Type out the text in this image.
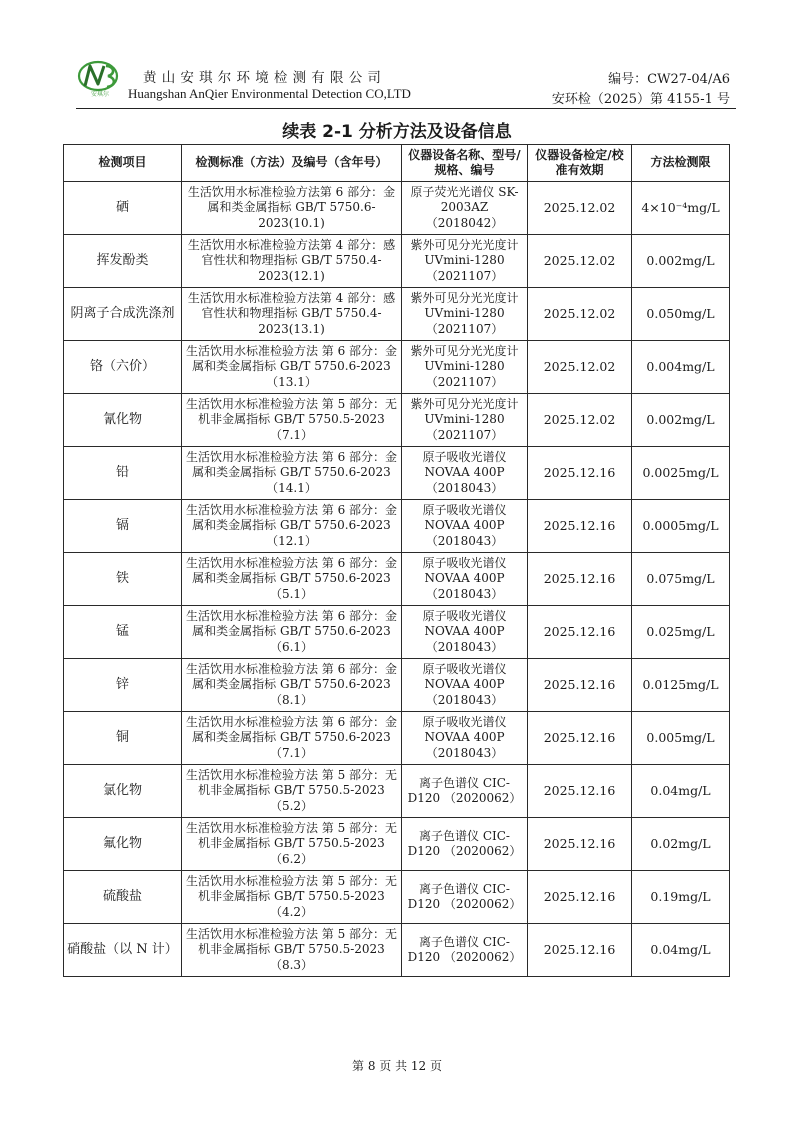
安琪尔
黄山安琪尔环境检测有限公司
Huangshan AnQier Environmental Detection CO,LTD
编号：CW27-04/A6
安环检（2025）第 4155-1 号
续表 2-1 分析方法及设备信息
检测项目	检测标准（方法）及编号（含年号）	仪器设备名称、型号/规格、编号	仪器设备检定/校准有效期	方法检测限
硒	生活饮用水标准检验方法第 6 部分：金属和类金属指标 GB/T 5750.6-2023(10.1)	原子荧光光谱仪 SK-2003AZ （2018042）	2025.12.02	4×10⁻⁴mg/L
挥发酚类	生活饮用水标准检验方法第 4 部分：感官性状和物理指标 GB/T 5750.4-2023(12.1)	紫外可见分光光度计 UVmini-1280 （2021107）	2025.12.02	0.002mg/L
阴离子合成洗涤剂	生活饮用水标准检验方法第 4 部分：感官性状和物理指标 GB/T 5750.4-2023(13.1)	紫外可见分光光度计 UVmini-1280 （2021107）	2025.12.02	0.050mg/L
铬（六价）	生活饮用水标准检验方法 第 6 部分：金属和类金属指标 GB/T 5750.6-2023 （13.1）	紫外可见分光光度计 UVmini-1280 （2021107）	2025.12.02	0.004mg/L
氰化物	生活饮用水标准检验方法 第 5 部分：无机非金属指标 GB/T 5750.5-2023 （7.1）	紫外可见分光光度计 UVmini-1280 （2021107）	2025.12.02	0.002mg/L
铅	生活饮用水标准检验方法 第 6 部分：金属和类金属指标 GB/T 5750.6-2023 （14.1）	原子吸收光谱仪 NOVAA 400P （2018043）	2025.12.16	0.0025mg/L
镉	生活饮用水标准检验方法 第 6 部分：金属和类金属指标 GB/T 5750.6-2023 （12.1）	原子吸收光谱仪 NOVAA 400P （2018043）	2025.12.16	0.0005mg/L
铁	生活饮用水标准检验方法 第 6 部分：金属和类金属指标 GB/T 5750.6-2023 （5.1）	原子吸收光谱仪 NOVAA 400P （2018043）	2025.12.16	0.075mg/L
锰	生活饮用水标准检验方法 第 6 部分：金属和类金属指标 GB/T 5750.6-2023 （6.1）	原子吸收光谱仪 NOVAA 400P （2018043）	2025.12.16	0.025mg/L
锌	生活饮用水标准检验方法 第 6 部分：金属和类金属指标 GB/T 5750.6-2023 （8.1）	原子吸收光谱仪 NOVAA 400P （2018043）	2025.12.16	0.0125mg/L
铜	生活饮用水标准检验方法 第 6 部分：金属和类金属指标 GB/T 5750.6-2023 （7.1）	原子吸收光谱仪 NOVAA 400P （2018043）	2025.12.16	0.005mg/L
氯化物	生活饮用水标准检验方法 第 5 部分：无机非金属指标 GB/T 5750.5-2023 （5.2）	离子色谱仪 CIC-D120 （2020062）	2025.12.16	0.04mg/L
氟化物	生活饮用水标准检验方法 第 5 部分：无机非金属指标 GB/T 5750.5-2023 （6.2）	离子色谱仪 CIC-D120 （2020062）	2025.12.16	0.02mg/L
硫酸盐	生活饮用水标准检验方法 第 5 部分：无机非金属指标 GB/T 5750.5-2023 （4.2）	离子色谱仪 CIC-D120 （2020062）	2025.12.16	0.19mg/L
硝酸盐（以 N 计）	生活饮用水标准检验方法 第 5 部分：无机非金属指标 GB/T 5750.5-2023 （8.3）	离子色谱仪 CIC-D120 （2020062）	2025.12.16	0.04mg/L
第 8 页 共 12 页
